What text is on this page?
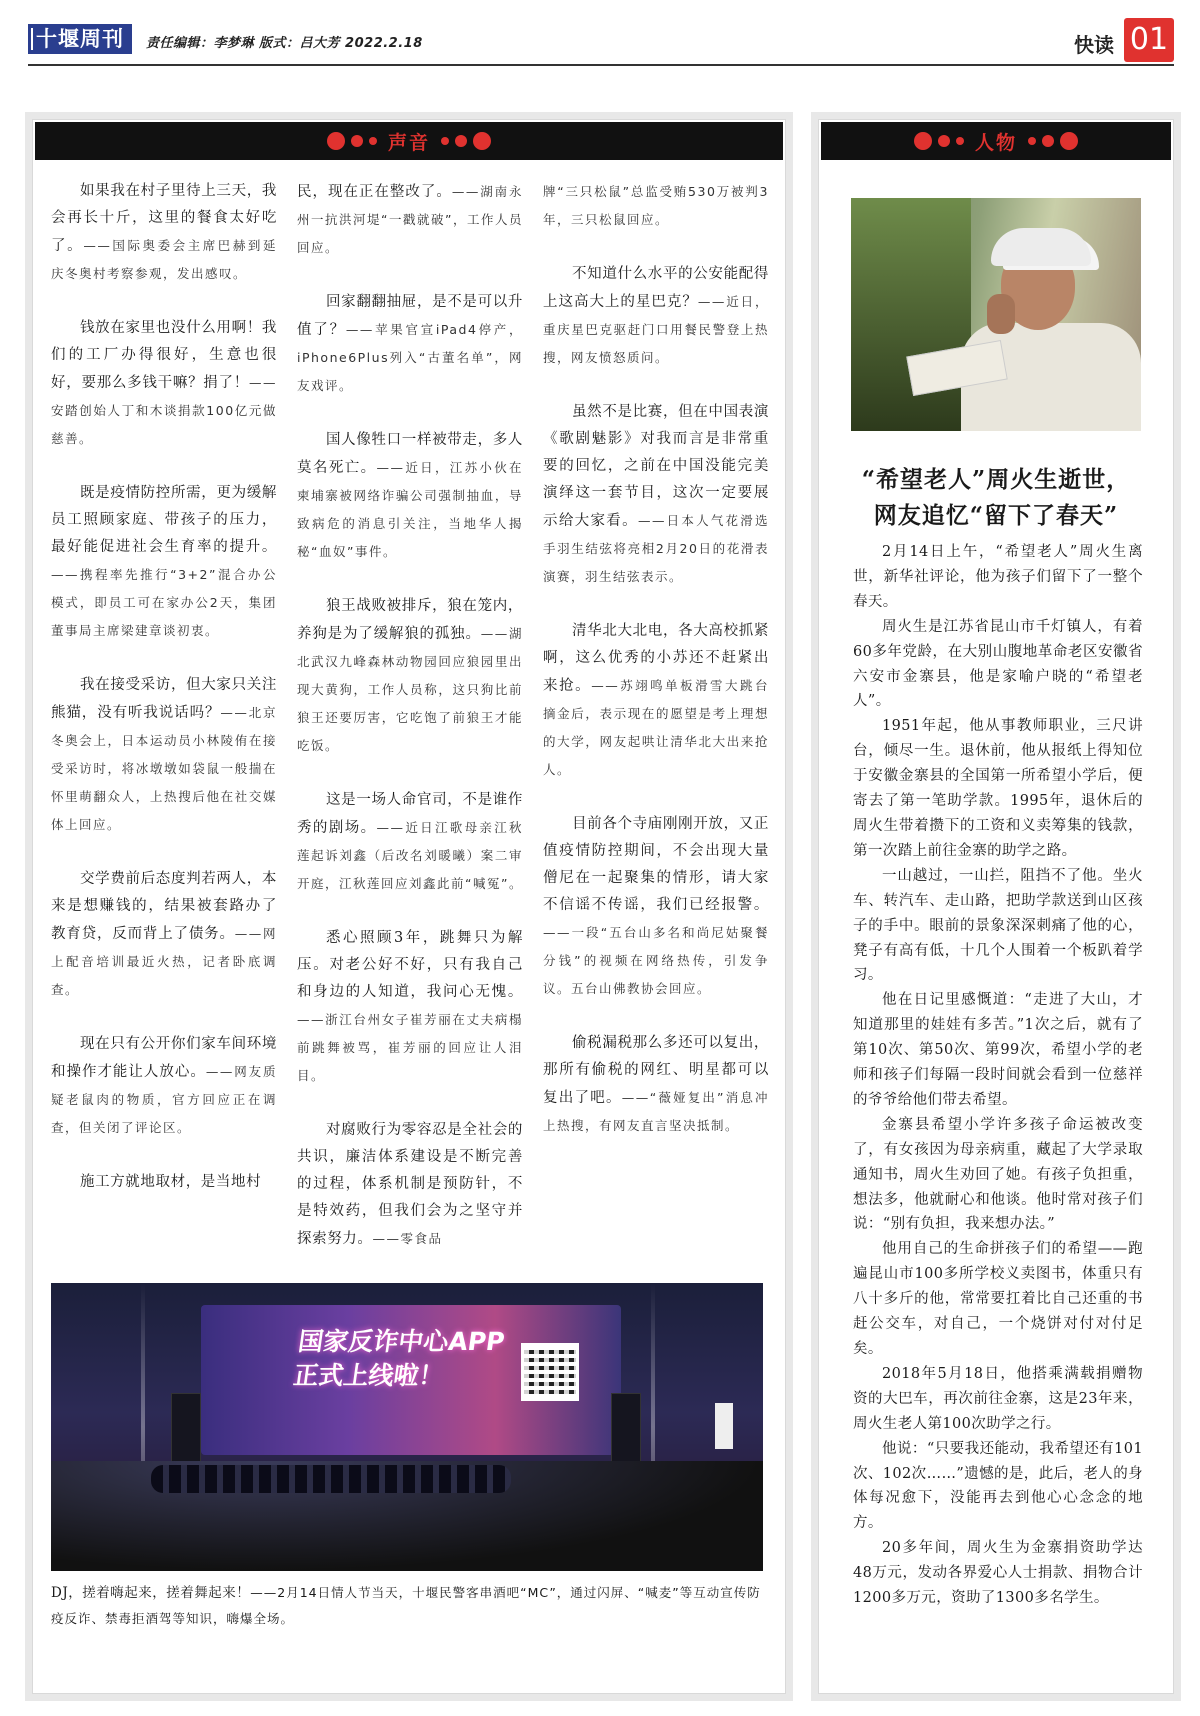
十堰周刊	责任编辑：李梦琳 版式：吕大芳 2022.2.18	快读 01
声音

如果我在村子里待上三天，我会再长十斤，这里的餐食太好吃了。——国际奥委会主席巴赫到延庆冬奥村考察参观，发出感叹。

钱放在家里也没什么用啊！我们的工厂办得很好，生意也很好，要那么多钱干嘛？捐了！——安踏创始人丁和木谈捐款100亿元做慈善。

既是疫情防控所需，更为缓解员工照顾家庭、带孩子的压力，最好能促进社会生育率的提升。——携程率先推行“3+2”混合办公模式，即员工可在家办公2天，集团董事局主席梁建章谈初衷。

我在接受采访，但大家只关注熊猫，没有听我说话吗？——北京冬奥会上，日本运动员小林陵侑在接受采访时，将冰墩墩如袋鼠一般揣在怀里萌翻众人，上热搜后他在社交媒体上回应。

交学费前后态度判若两人，本来是想赚钱的，结果被套路办了教育贷，反而背上了债务。——网上配音培训最近火热，记者卧底调查。

现在只有公开你们家车间环境和操作才能让人放心。——网友质疑老鼠肉的物质，官方回应正在调查，但关闭了评论区。

施工方就地取材，是当地村

民，现在正在整改了。——湖南永州一抗洪河堤“一戳就破”，工作人员回应。

回家翻翻抽屉，是不是可以升值了？——苹果官宣iPad4停产，iPhone6Plus列入“古董名单”，网友戏评。

国人像牲口一样被带走，多人莫名死亡。——近日，江苏小伙在柬埔寨被网络诈骗公司强制抽血，导致病危的消息引关注，当地华人揭秘“血奴”事件。

狼王战败被排斥，狼在笼内，养狗是为了缓解狼的孤独。——湖北武汉九峰森林动物园回应狼园里出现大黄狗，工作人员称，这只狗比前狼王还要厉害，它吃饱了前狼王才能吃饭。

这是一场人命官司，不是谁作秀的剧场。——近日江歌母亲江秋莲起诉刘鑫（后改名刘暖曦）案二审开庭，江秋莲回应刘鑫此前“喊冤”。

悉心照顾3年，跳舞只为解压。对老公好不好，只有我自己和身边的人知道，我问心无愧。——浙江台州女子崔芳丽在丈夫病榻前跳舞被骂，崔芳丽的回应让人泪目。

对腐败行为零容忍是全社会的共识，廉洁体系建设是不断完善的过程，体系机制是预防针，不是特效药，但我们会为之坚守并探索努力。——零食品

牌“三只松鼠”总监受贿530万被判3年，三只松鼠回应。

不知道什么水平的公安能配得上这高大上的星巴克？——近日，重庆星巴克驱赶门口用餐民警登上热搜，网友愤怒质问。

虽然不是比赛，但在中国表演《歌剧魅影》对我而言是非常重要的回忆，之前在中国没能完美演绎这一套节目，这次一定要展示给大家看。——日本人气花滑选手羽生结弦将亮相2月20日的花滑表演赛，羽生结弦表示。

清华北大北电，各大高校抓紧啊，这么优秀的小苏还不赶紧出来抢。——苏翊鸣单板滑雪大跳台摘金后，表示现在的愿望是考上理想的大学，网友起哄让清华北大出来抢人。

目前各个寺庙刚刚开放，又正值疫情防控期间，不会出现大量僧尼在一起聚集的情形，请大家不信谣不传谣，我们已经报警。——一段“五台山多名和尚尼姑聚餐分钱”的视频在网络热传，引发争议。五台山佛教协会回应。

偷税漏税那么多还可以复出，那所有偷税的网红、明星都可以复出了吧。——“薇娅复出”消息冲上热搜，有网友直言坚决抵制。

国家反诈中心APP正式上线啦！
DJ，搓着嗨起来，搓着舞起来！——2月14日情人节当天，十堰民警客串酒吧“MC”，通过闪屏、“喊麦”等互动宣传防疫反诈、禁毒拒酒驾等知识，嗨爆全场。
人物
“希望老人”周火生逝世，
网友追忆“留下了春天”

2月14日上午，“希望老人”周火生离世，新华社评论，他为孩子们留下了一整个春天。

周火生是江苏省昆山市千灯镇人，有着60多年党龄，在大别山腹地革命老区安徽省六安市金寨县，他是家喻户晓的“希望老人”。

1951年起，他从事教师职业，三尺讲台，倾尽一生。退休前，他从报纸上得知位于安徽金寨县的全国第一所希望小学后，便寄去了第一笔助学款。1995年，退休后的周火生带着攒下的工资和义卖筹集的钱款，第一次踏上前往金寨的助学之路。

一山越过，一山拦，阻挡不了他。坐火车、转汽车、走山路，把助学款送到山区孩子的手中。眼前的景象深深刺痛了他的心，凳子有高有低，十几个人围着一个板趴着学习。

他在日记里感慨道：“走进了大山，才知道那里的娃娃有多苦。”1次之后，就有了第10次、第50次、第99次，希望小学的老师和孩子们每隔一段时间就会看到一位慈祥的爷爷给他们带去希望。

金寨县希望小学许多孩子命运被改变了，有女孩因为母亲病重，藏起了大学录取通知书，周火生劝回了她。有孩子负担重，想法多，他就耐心和他谈。他时常对孩子们说：“别有负担，我来想办法。”

他用自己的生命拼孩子们的希望——跑遍昆山市100多所学校义卖图书，体重只有八十多斤的他，常常要扛着比自己还重的书赶公交车，对自己，一个烧饼对付对付足矣。

2018年5月18日，他搭乘满载捐赠物资的大巴车，再次前往金寨，这是23年来，周火生老人第100次助学之行。

他说：“只要我还能动，我希望还有101次、102次……”遗憾的是，此后，老人的身体每况愈下，没能再去到他心心念念的地方。

20多年间，周火生为金寨捐资助学达48万元，发动各界爱心人士捐款、捐物合计1200多万元，资助了1300多名学生。
